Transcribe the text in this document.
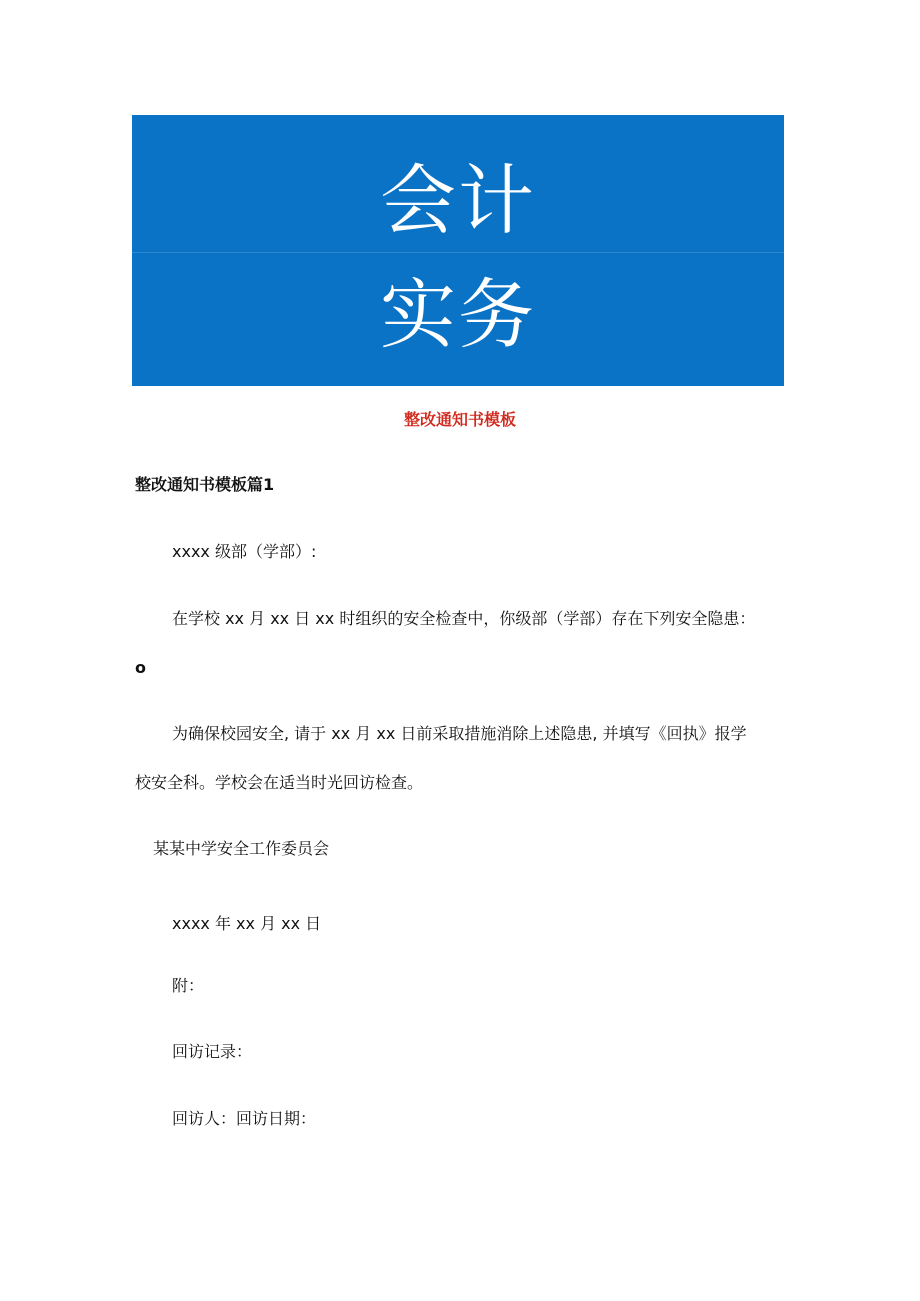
会计
实务
整改通知书模板
整改通知书模板篇1
xxxx 级部（学部）:
在学校 xx 月 xx 日 xx 时组织的安全检查中，你级部（学部）存在下列安全隐患：
o
为确保校园安全, 请于 xx 月 xx 日前采取措施消除上述隐患, 并填写《回执》报学
校安全科。学校会在适当时光回访检查。
某某中学安全工作委员会
xxxx 年 xx 月 xx 日
附：
回访记录：
回访人：回访日期：
